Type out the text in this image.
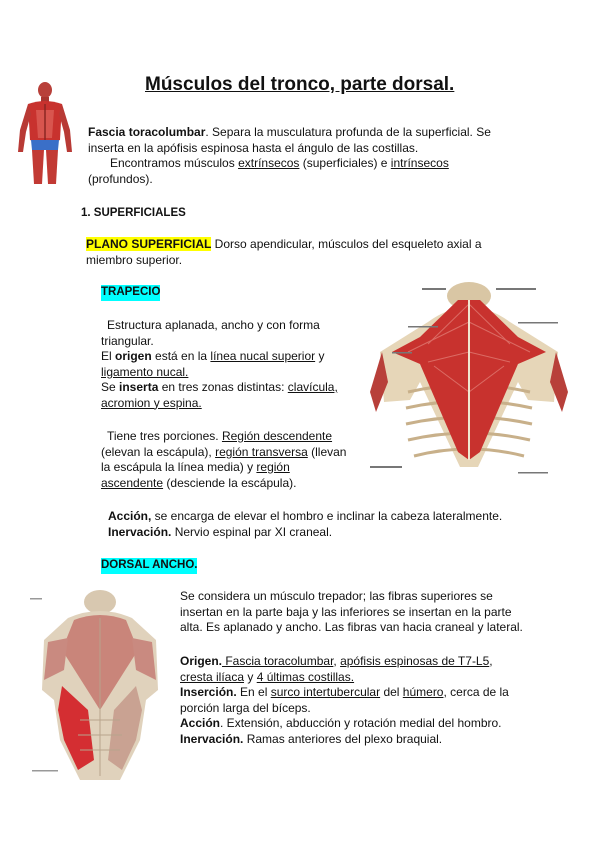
Músculos del tronco, parte dorsal.
Fascia toracolumbar. Separa la musculatura profunda de la superficial. Se inserta en la apófisis espinosa hasta el ángulo de las costillas.
Encontramos músculos extrínsecos (superficiales) e intrínsecos (profundos).
1. SUPERFICIALES
PLANO SUPERFICIAL Dorso apendicular, músculos del esqueleto axial a miembro superior.
TRAPECIO
Estructura aplanada, ancho y con forma triangular.
El origen está en la línea nucal superior y ligamento nucal.
Se inserta en tres zonas distintas: clavícula, acromion y espina.
Tiene tres porciones. Región descendente (elevan la escápula), región transversa (llevan la escápula la línea media) y región ascendente (desciende la escápula).
Acción, se encarga de elevar el hombro e inclinar la cabeza lateralmente.
Inervación. Nervio espinal par XI craneal.
DORSAL ANCHO.
Se considera un músculo trepador; las fibras superiores se insertan en la parte baja y las inferiores se insertan en la parte alta. Es aplanado y ancho. Las fibras van hacia craneal y lateral.
Origen. Fascia toracolumbar, apófisis espinosas de T7-L5, cresta ilíaca y 4 últimas costillas.
Inserción. En el surco intertubercular del húmero, cerca de la porción larga del bíceps.
Acción. Extensión, abducción y rotación medial del hombro.
Inervación. Ramas anteriores del plexo braquial.
